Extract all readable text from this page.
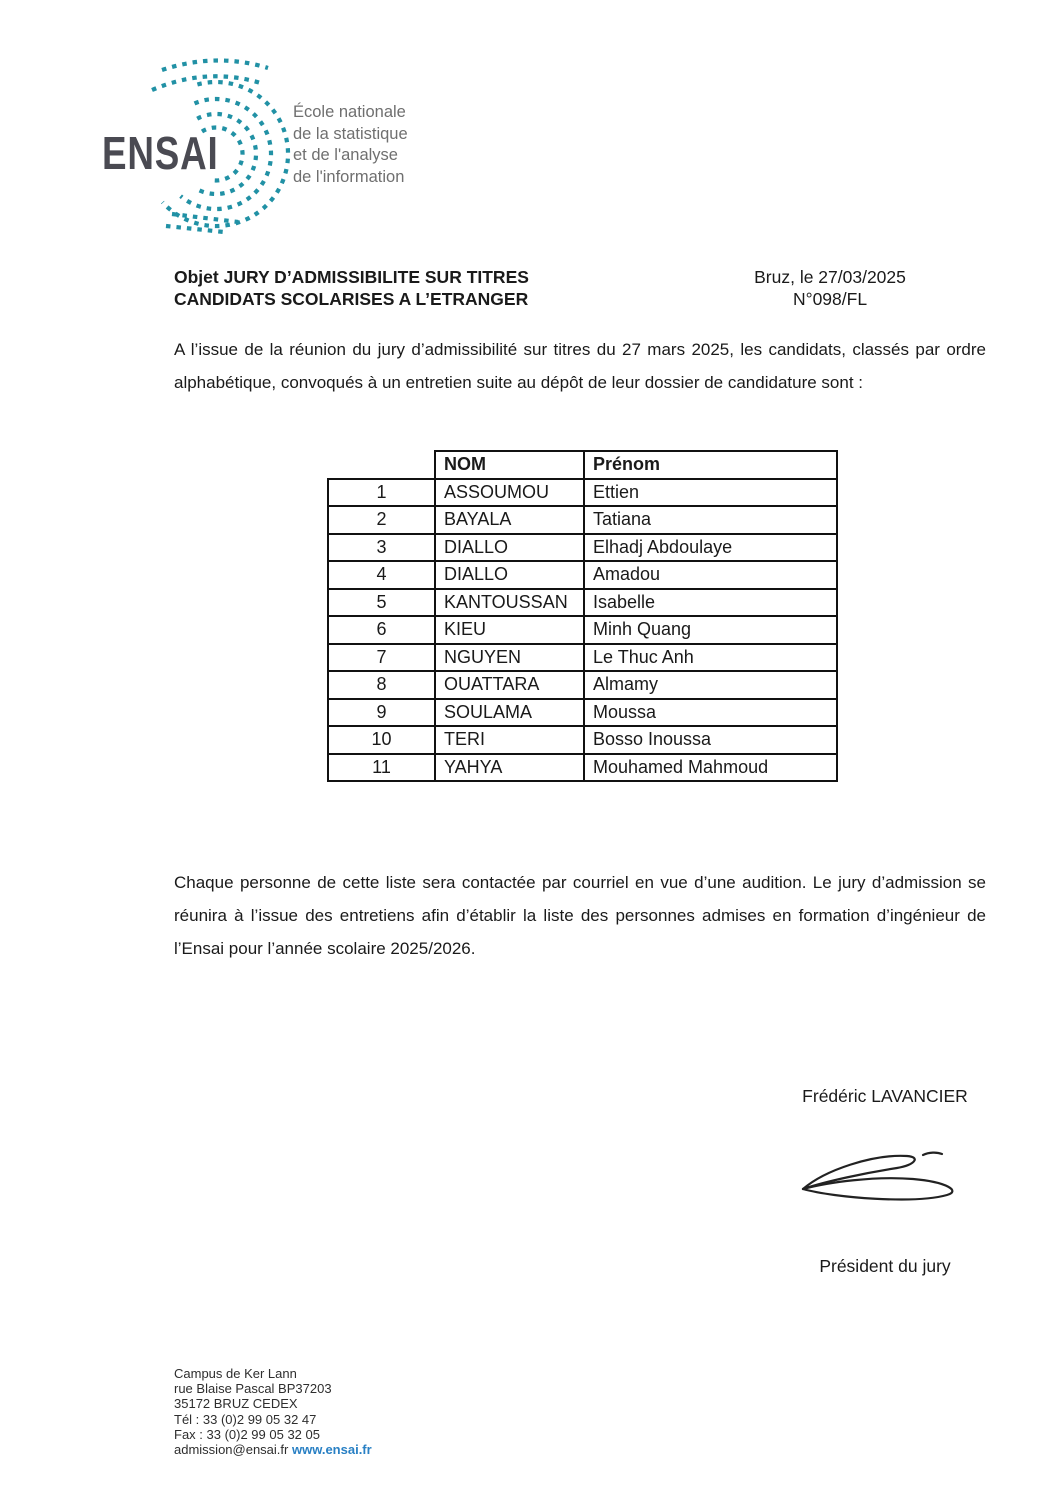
ENSAI
École nationale
de la statistique
et de l'analyse
de l'information
Objet JURY D’ADMISSIBILITE SUR TITRES
CANDIDATS SCOLARISES A L’ETRANGER
Bruz, le 27/03/2025
N°098/FL
A l’issue de la réunion du jury d’admissibilité sur titres du 27 mars 2025, les candidats, classés par ordre alphabétique, convoqués à un entretien suite au dépôt de leur dossier de candidature sont :
	NOM	Prénom
1	ASSOUMOU	Ettien
2	BAYALA	Tatiana
3	DIALLO	Elhadj Abdoulaye
4	DIALLO	Amadou
5	KANTOUSSAN	Isabelle
6	KIEU	Minh Quang
7	NGUYEN	Le Thuc Anh
8	OUATTARA	Almamy
9	SOULAMA	Moussa
10	TERI	Bosso Inoussa
11	YAHYA	Mouhamed Mahmoud
Chaque personne de cette liste sera contactée par courriel en vue d’une audition. Le jury d’admission se réunira à l’issue des entretiens afin d’établir la liste des personnes admises en formation d’ingénieur de l’Ensai pour l’année scolaire 2025/2026.
Frédéric LAVANCIER
Président du jury
Campus de Ker Lann
rue Blaise Pascal BP37203
35172 BRUZ CEDEX
Tél : 33 (0)2 99 05 32 47
Fax : 33 (0)2 99 05 32 05
admission@ensai.fr www.ensai.fr
